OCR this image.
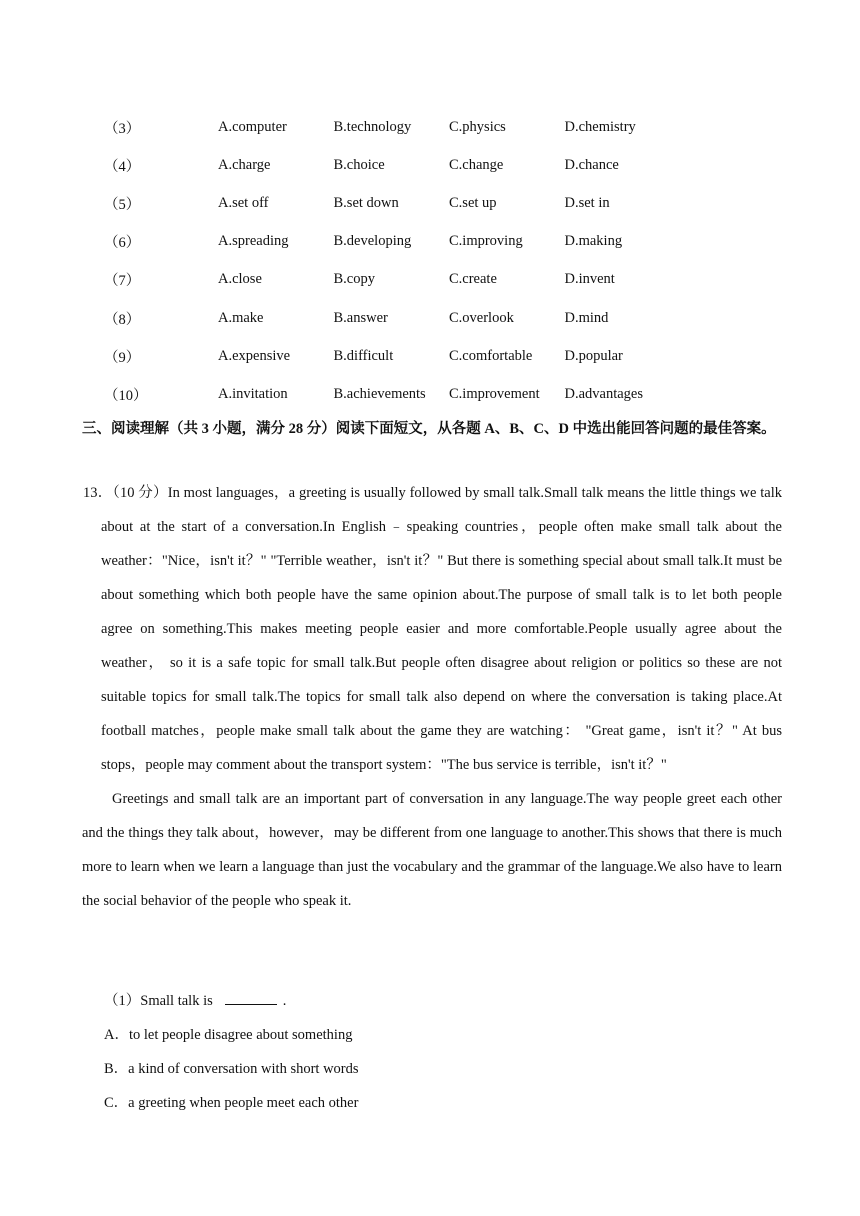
（3）	A.computer	B.technology	C.physics	D.chemistry
（4）	A.charge	B.choice	C.change	D.chance
（5）	A.set off	B.set down	C.set up	D.set in
（6）	A.spreading	B.developing	C.improving	D.making
（7）	A.close	B.copy	C.create	D.invent
（8）	A.make	B.answer	C.overlook	D.mind
（9）	A.expensive	B.difficult	C.comfortable	D.popular
（10）	A.invitation	B.achievements	C.improvement	D.advantages
三、阅读理解（共 3 小题，满分 28 分）阅读下面短文，从各题 A、B、C、D 中选出能回答问题的最佳答案。
13．（10 分）In most languages，a greeting is usually followed by small talk.Small talk means the little things we talk about at the start of a conversation.In English﹣speaking countries，people often make small talk about the weather："Nice，isn't it？" "Terrible weather，isn't it？" But there is something special about small talk.It must be about something which both people have the same opinion about.The purpose of small talk is to let both people agree on something.This makes meeting people easier and more comfortable.People usually agree about the weather， so it is a safe topic for small talk.But people often disagree about religion or politics so these are not suitable topics for small talk.The topics for small talk also depend on where the conversation is taking place.At football matches，people make small talk about the game they are watching： "Great game，isn't it？" At bus stops，people may comment about the transport system："The bus service is terrible，isn't it？"
Greetings and small talk are an important part of conversation in any language.The way people greet each other and the things they talk about，however，may be different from one language to another.This shows that there is much more to learn when we learn a language than just the vocabulary and the grammar of the language.We also have to learn the social behavior of the people who speak it.
（1）Small talk is	.
A．to let people disagree about something
B．a kind of conversation with short words
C．a greeting when people meet each other
